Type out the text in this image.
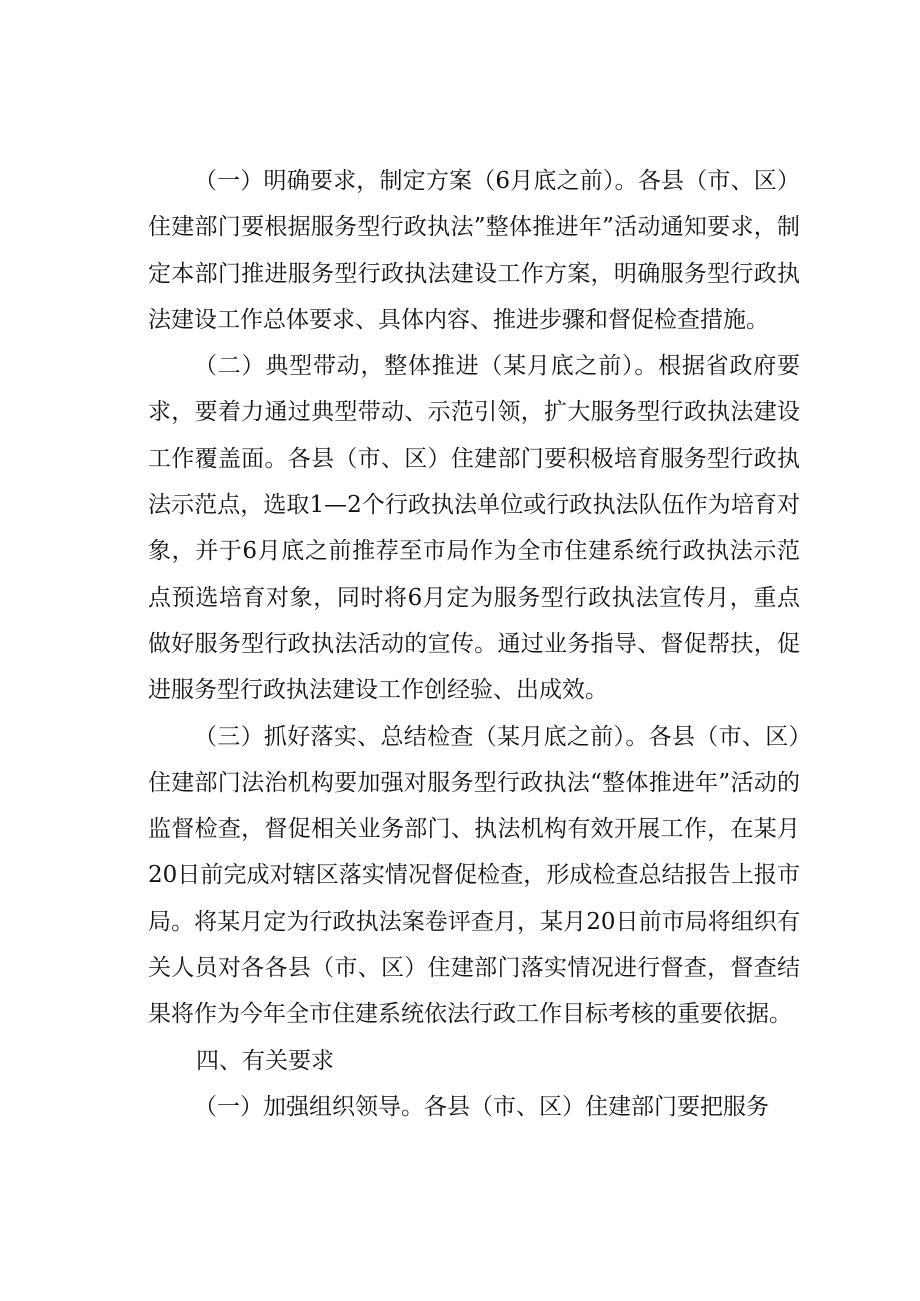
（一）明确要求，制定方案（6月底之前）。各县（市、区）住建部门要根据服务型行政执法”整体推进年”活动通知要求，制定本部门推进服务型行政执法建设工作方案，明确服务型行政执法建设工作总体要求、具体内容、推进步骤和督促检查措施。

（二）典型带动，整体推进（某月底之前）。根据省政府要求，要着力通过典型带动、示范引领，扩大服务型行政执法建设工作覆盖面。各县（市、区）住建部门要积极培育服务型行政执法示范点，选取1—2个行政执法单位或行政执法队伍作为培育对象，并于6月底之前推荐至市局作为全市住建系统行政执法示范点预选培育对象，同时将6月定为服务型行政执法宣传月，重点做好服务型行政执法活动的宣传。通过业务指导、督促帮扶，促进服务型行政执法建设工作创经验、出成效。

（三）抓好落实、总结检查（某月底之前）。各县（市、区）住建部门法治机构要加强对服务型行政执法“整体推进年”活动的监督检查，督促相关业务部门、执法机构有效开展工作，在某月20日前完成对辖区落实情况督促检查，形成检查总结报告上报市局。将某月定为行政执法案卷评查月，某月20日前市局将组织有关人员对各各县（市、区）住建部门落实情况进行督查，督查结果将作为今年全市住建系统依法行政工作目标考核的重要依据。

四、有关要求

（一）加强组织领导。各县（市、区）住建部门要把服务
